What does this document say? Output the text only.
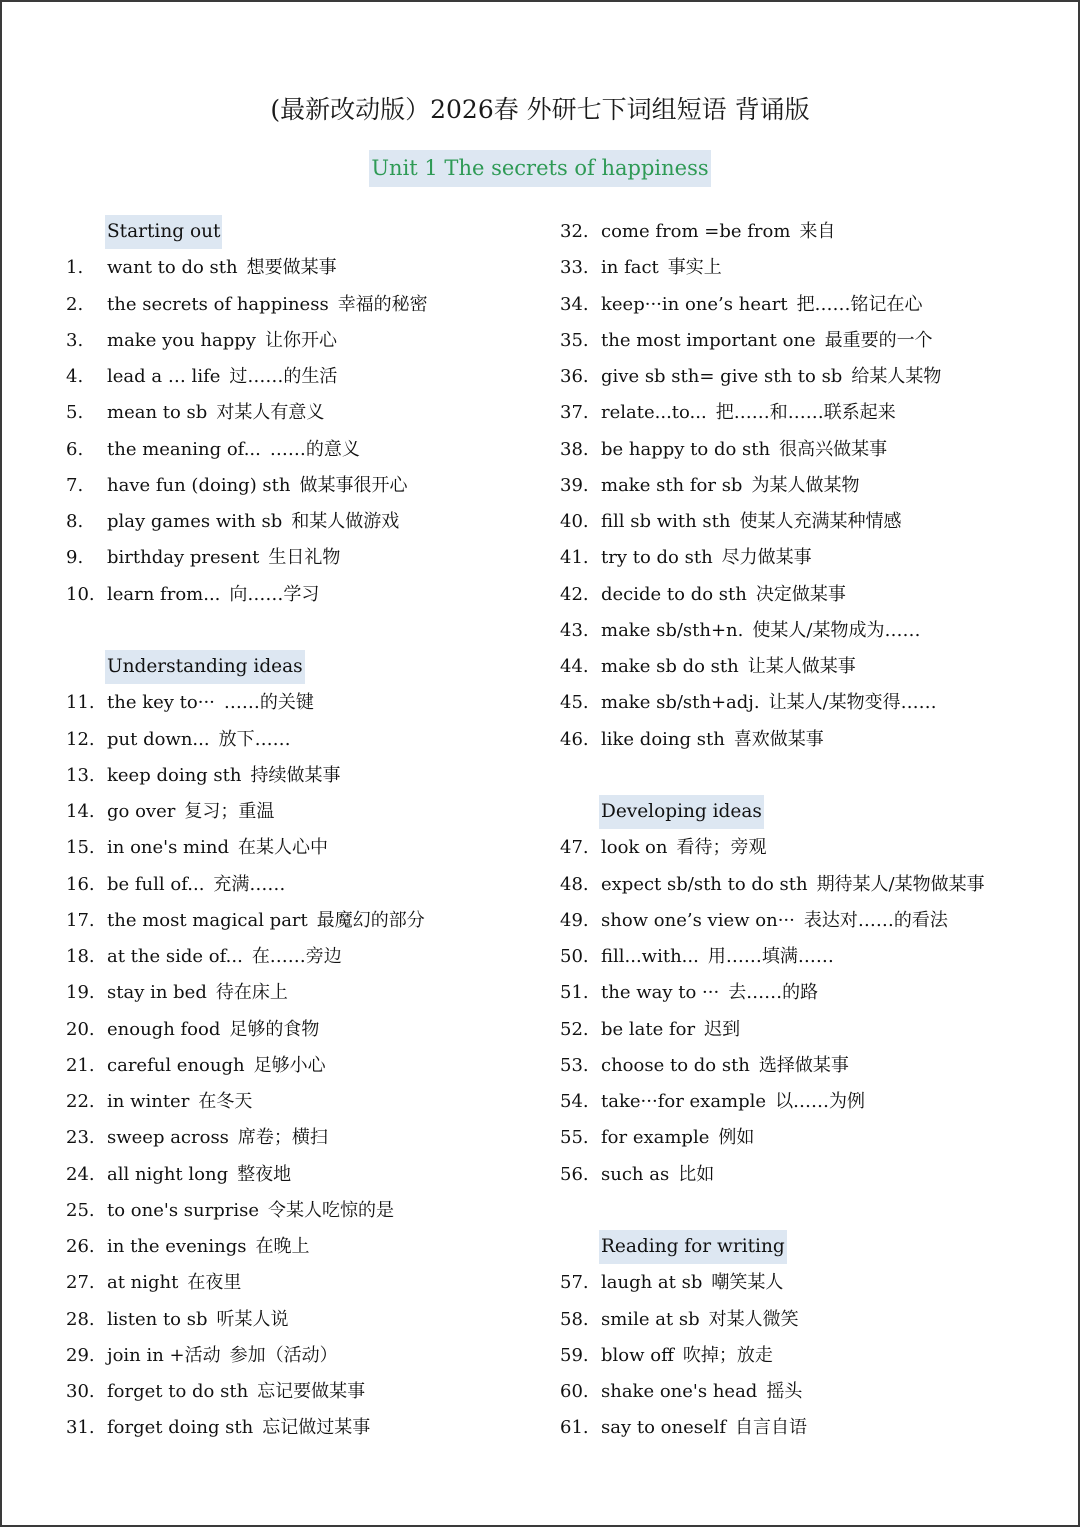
(最新改动版）2026春 外研七下词组短语 背诵版
Unit 1 The secrets of happiness
Starting out
1. want to do sth 想要做某事
2. the secrets of happiness 幸福的秘密
3. make you happy 让你开心
4. lead a … life 过……的生活
5. mean to sb 对某人有意义
6. the meaning of... ……的意义
7. have fun (doing) sth 做某事很开心
8. play games with sb 和某人做游戏
9. birthday present 生日礼物
10. learn from... 向……学习
Understanding ideas
11. the key to··· ……的关键
12. put down... 放下……
13. keep doing sth 持续做某事
14. go over 复习；重温
15. in one's mind 在某人心中
16. be full of... 充满……
17. the most magical part 最魔幻的部分
18. at the side of... 在……旁边
19. stay in bed 待在床上
20. enough food 足够的食物
21. careful enough 足够小心
22. in winter 在冬天
23. sweep across 席卷；横扫
24. all night long 整夜地
25. to one's surprise 令某人吃惊的是
26. in the evenings 在晚上
27. at night 在夜里
28. listen to sb 听某人说
29. join in +活动 参加（活动）
30. forget to do sth 忘记要做某事
31. forget doing sth 忘记做过某事
32. come from =be from 来自
33. in fact 事实上
34. keep···in one’s heart 把……铭记在心
35. the most important one 最重要的一个
36. give sb sth= give sth to sb 给某人某物
37. relate...to... 把……和……联系起来
38. be happy to do sth 很高兴做某事
39. make sth for sb 为某人做某物
40. fill sb with sth 使某人充满某种情感
41. try to do sth 尽力做某事
42. decide to do sth 决定做某事
43. make sb/sth+n. 使某人/某物成为……
44. make sb do sth 让某人做某事
45. make sb/sth+adj. 让某人/某物变得……
46. like doing sth 喜欢做某事
Developing ideas
47. look on 看待；旁观
48. expect sb/sth to do sth 期待某人/某物做某事
49. show one’s view on··· 表达对……的看法
50. fill...with... 用……填满……
51. the way to ··· 去……的路
52. be late for 迟到
53. choose to do sth 选择做某事
54. take···for example 以……为例
55. for example 例如
56. such as 比如
Reading for writing
57. laugh at sb 嘲笑某人
58. smile at sb 对某人微笑
59. blow off 吹掉；放走
60. shake one's head 摇头
61. say to oneself 自言自语
